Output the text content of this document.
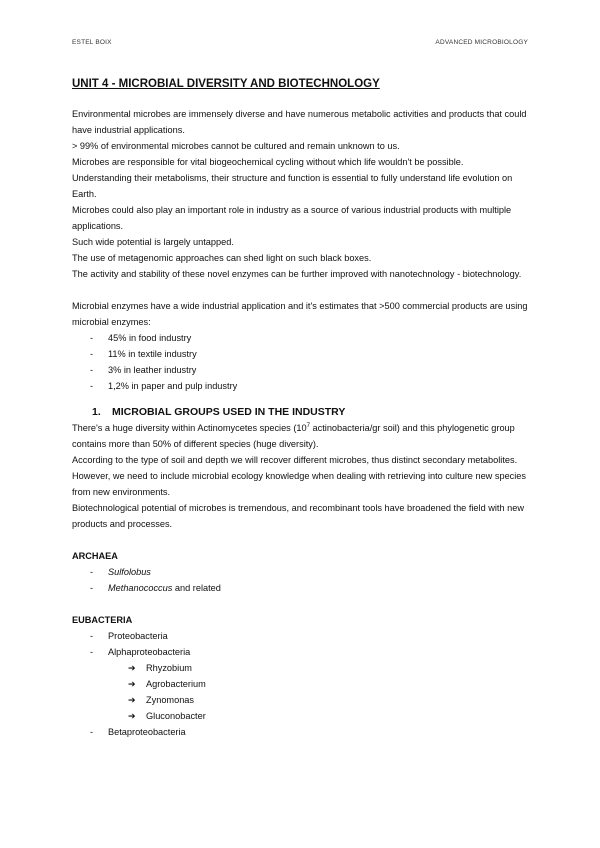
ESTEL BOIX	ADVANCED MICROBIOLOGY
UNIT 4 - MICROBIAL DIVERSITY AND BIOTECHNOLOGY

Environmental microbes are immensely diverse and have numerous metabolic activities and products that could have industrial applications.

> 99% of environmental microbes cannot be cultured and remain unknown to us.

Microbes are responsible for vital biogeochemical cycling without which life wouldn't be possible.

Understanding their metabolisms, their structure and function is essential to fully understand life evolution on Earth.

Microbes could also play an important role in industry as a source of various industrial products with multiple applications.

Such wide potential is largely untapped.

The use of metagenomic approaches can shed light on such black boxes.

The activity and stability of these novel enzymes can be further improved with nanotechnology - biotechnology.

Microbial enzymes have a wide industrial application and it's estimates that >500 commercial products are using microbial enzymes:

- 45% in food industry
- 11% in textile industry
- 3% in leather industry
- 1,2% in paper and pulp industry
1. MICROBIAL GROUPS USED IN THE INDUSTRY

There's a huge diversity within Actinomycetes species ($10^7$ actinobacteria/gr soil) and this phylogenetic group contains more than 50% of different species (huge diversity).

According to the type of soil and depth we will recover different microbes, thus distinct secondary metabolites.

However, we need to include microbial ecology knowledge when dealing with retrieving into culture new species from new environments.

Biotechnological potential of microbes is tremendous, and recombinant tools have broadened the field with new products and processes.

ARCHAEA

- Sulfolobus
- Methanococcus and related

EUBACTERIA

- Proteobacteria
- Alphaproteobacteria
➔ Rhyzobium
➔ Agrobacterium
➔ Zynomonas
➔ Gluconobacter
- Betaproteobacteria
